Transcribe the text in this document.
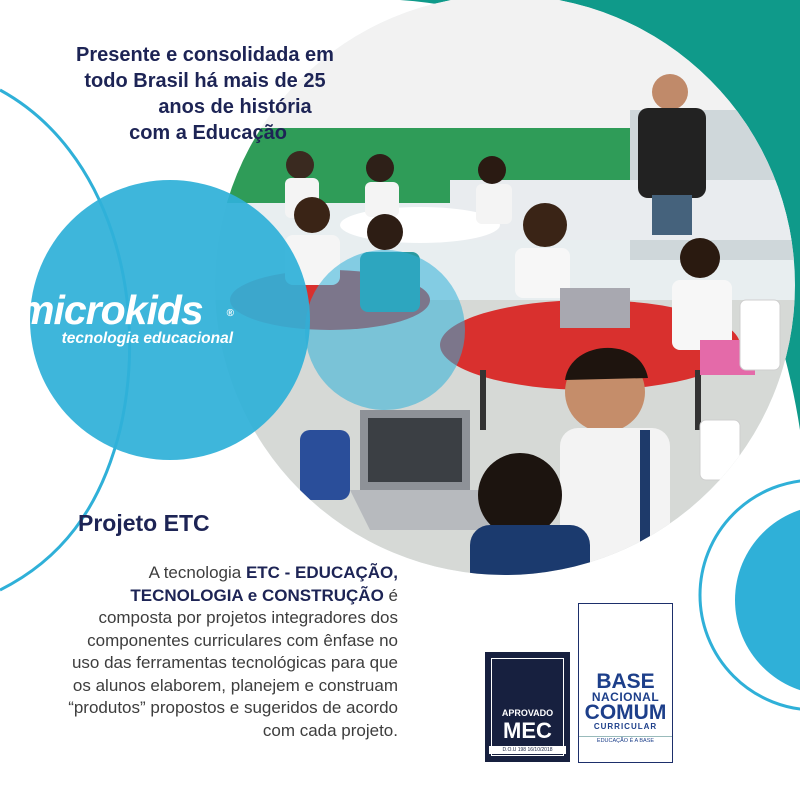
Presente e consolidada em
todo Brasil há mais de 25
anos de história
com a Educação
microkids ®
tecnologia educacional
Projeto ETC
A tecnologia ETC - EDUCAÇÃO,
TECNOLOGIA e CONSTRUÇÃO é composta por projetos integradores dos componentes curriculares com ênfase no uso das ferramentas tecnológicas para que os alunos elaborem, planejem e construam “produtos” propostos e sugeridos de acordo com cada projeto.
APROVADO
MEC
D.O.U 198 16/10/2018
BASE
NACIONAL
COMUM
CURRICULAR
EDUCAÇÃO É A BASE
